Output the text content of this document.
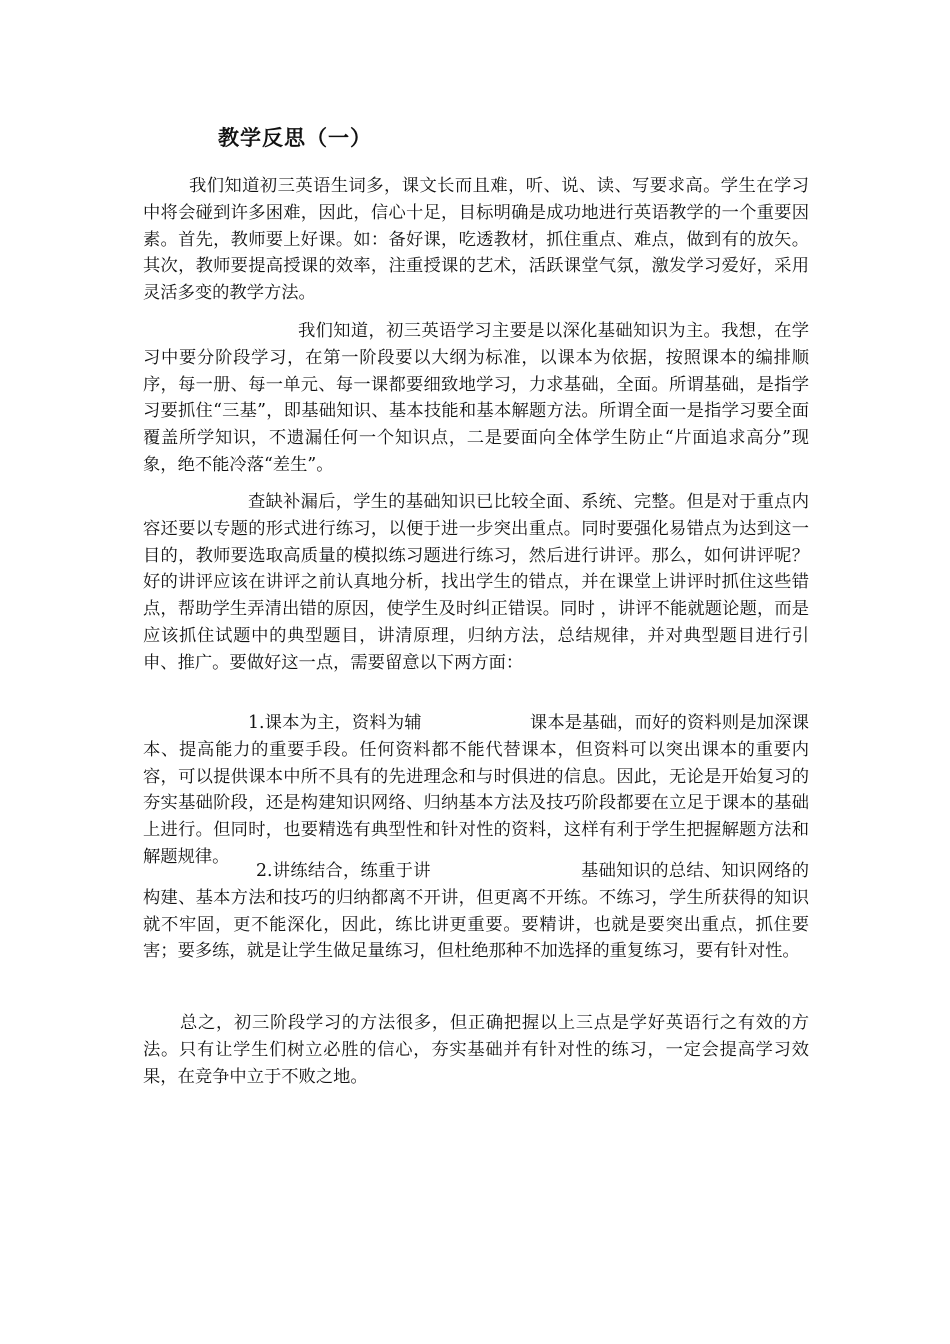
教学反思（一）

我们知道初三英语生词多，课文长而且难，听、说、读、写要求高。学生在学习中将会碰到许多困难，因此，信心十足，目标明确是成功地进行英语教学的一个重要因素。首先，教师要上好课。如：备好课，吃透教材，抓住重点、难点，做到有的放矢。其次，教师要提高授课的效率，注重授课的艺术，活跃课堂气氛，激发学习爱好，采用灵活多变的教学方法。

我们知道，初三英语学习主要是以深化基础知识为主。我想，在学习中要分阶段学习，在第一阶段要以大纲为标准，以课本为依据，按照课本的编排顺序，每一册、每一单元、每一课都要细致地学习，力求基础，全面。所谓基础，是指学习要抓住“三基”，即基础知识、基本技能和基本解题方法。所谓全面一是指学习要全面覆盖所学知识，不遗漏任何一个知识点，二是要面向全体学生防止“片面追求高分”现象，绝不能冷落“差生”。

查缺补漏后，学生的基础知识已比较全面、系统、完整。但是对于重点内容还要以专题的形式进行练习，以便于进一步突出重点。同时要强化易错点为达到这一目的，教师要选取高质量的模拟练习题进行练习，然后进行讲评。那么，如何讲评呢？好的讲评应该在讲评之前认真地分析，找出学生的错点，并在课堂上讲评时抓住这些错点，帮助学生弄清出错的原因，使学生及时纠正错误。同时 ，讲评不能就题论题，而是应该抓住试题中的典型题目，讲清原理，归纳方法，总结规律，并对典型题目进行引申、推广。要做好这一点，需要留意以下两方面：

1.课本为主，资料为辅	课本是基础，而好的资料则是加深课本、提高能力的重要手段。任何资料都不能代替课本，但资料可以突出课本的重要内容，可以提供课本中所不具有的先进理念和与时俱进的信息。因此，无论是开始复习的夯实基础阶段，还是构建知识网络、归纳基本方法及技巧阶段都要在立足于课本的基础上进行。但同时，也要精选有典型性和针对性的资料，这样有利于学生把握解题方法和解题规律。

2.讲练结合，练重于讲	基础知识的总结、知识网络的构建、基本方法和技巧的归纳都离不开讲，但更离不开练。不练习，学生所获得的知识就不牢固，更不能深化，因此，练比讲更重要。要精讲，也就是要突出重点，抓住要害；要多练，就是让学生做足量练习，但杜绝那种不加选择的重复练习，要有针对性。

总之，初三阶段学习的方法很多，但正确把握以上三点是学好英语行之有效的方法。只有让学生们树立必胜的信心，夯实基础并有针对性的练习，一定会提高学习效果，在竞争中立于不败之地。
